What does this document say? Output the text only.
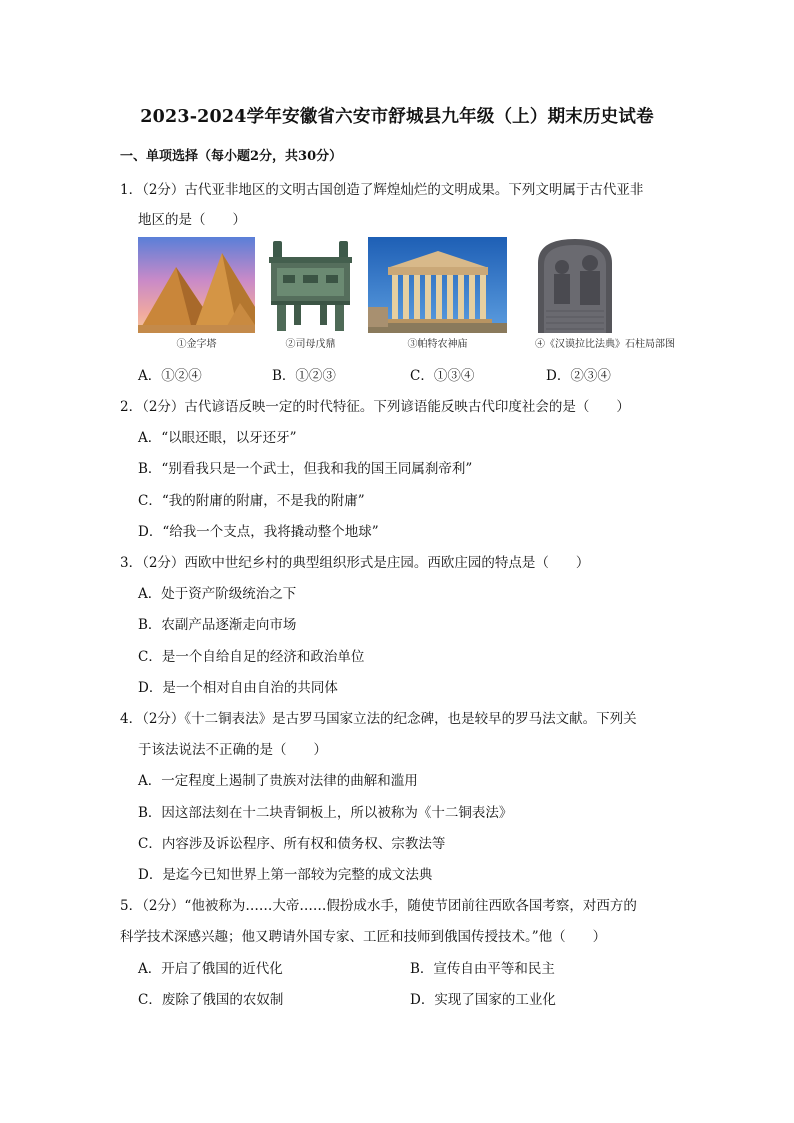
2023-2024学年安徽省六安市舒城县九年级（上）期末历史试卷
一、单项选择（每小题2分，共30分）
1．（2分）古代亚非地区的文明古国创造了辉煌灿烂的文明成果。下列文明属于古代亚非
地区的是（　　）
①金字塔	②司母戊鼎	③帕特农神庙	④《汉谟拉比法典》石柱局部图
A．①②④	B．①②③	C．①③④	D．②③④
2．（2分）古代谚语反映一定的时代特征。下列谚语能反映古代印度社会的是（　　）
A．“以眼还眼，以牙还牙”
B．“别看我只是一个武士，但我和我的国王同属刹帝利”
C．“我的附庸的附庸，不是我的附庸”
D．“给我一个支点，我将撬动整个地球”
3．（2分）西欧中世纪乡村的典型组织形式是庄园。西欧庄园的特点是（　　）
A．处于资产阶级统治之下
B．农副产品逐渐走向市场
C．是一个自给自足的经济和政治单位
D．是一个相对自由自治的共同体
4．（2分）《十二铜表法》是古罗马国家立法的纪念碑，也是较早的罗马法文献。下列关
于该法说法不正确的是（　　）
A．一定程度上遏制了贵族对法律的曲解和滥用
B．因这部法刻在十二块青铜板上，所以被称为《十二铜表法》
C．内容涉及诉讼程序、所有权和债务权、宗教法等
D．是迄今已知世界上第一部较为完整的成文法典
5．（2分）“他被称为……大帝……假扮成水手，随使节团前往西欧各国考察，对西方的
科学技术深感兴趣；他又聘请外国专家、工匠和技师到俄国传授技术。”他（　　）
A．开启了俄国的近代化	B．宣传自由平等和民主
C．废除了俄国的农奴制	D．实现了国家的工业化
